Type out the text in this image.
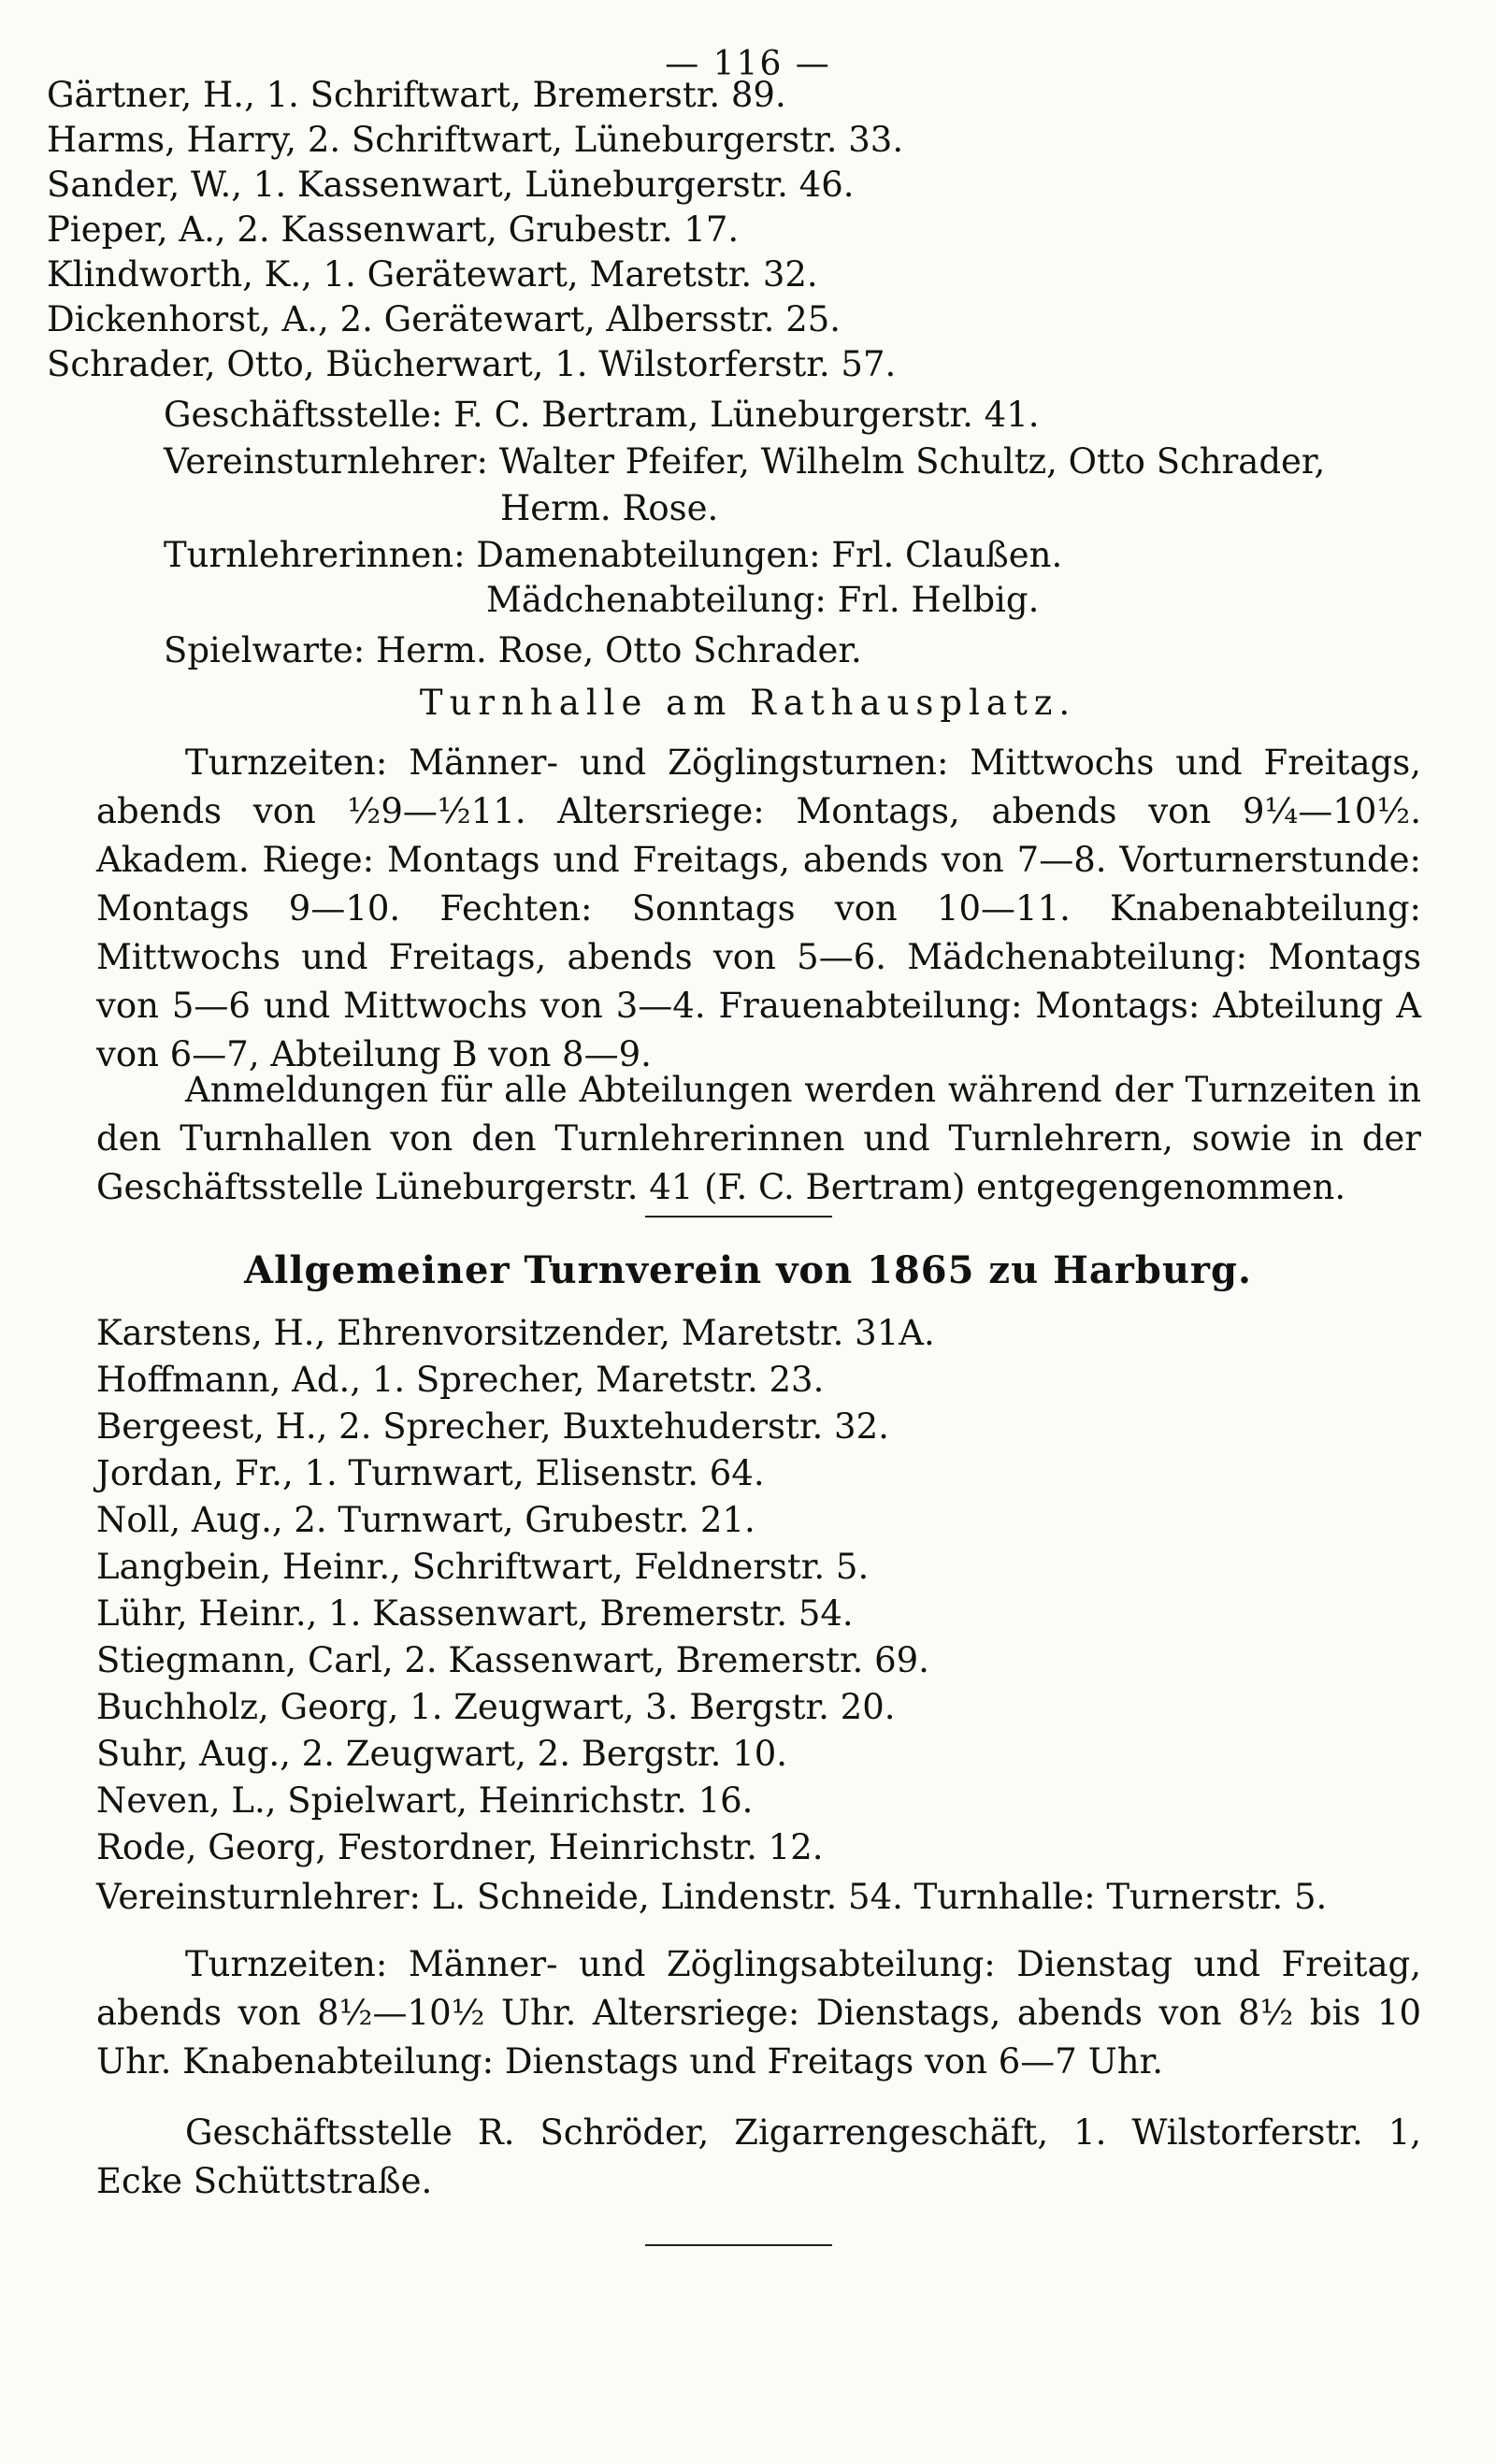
— 116 —
Gärtner, H., 1. Schriftwart, Bremerstr. 89.
Harms, Harry, 2. Schriftwart, Lüneburgerstr. 33.
Sander, W., 1. Kassenwart, Lüneburgerstr. 46.
Pieper, A., 2. Kassenwart, Grubestr. 17.
Klindworth, K., 1. Gerätewart, Maretstr. 32.
Dickenhorst, A., 2. Gerätewart, Albersstr. 25.
Schrader, Otto, Bücherwart, 1. Wilstorferstr. 57.
Geschäftsstelle: F. C. Bertram, Lüneburgerstr. 41.
Vereinsturnlehrer: Walter Pfeifer, Wilhelm Schultz, Otto Schrader,
Herm. Rose.
Turnlehrerinnen: Damenabteilungen: Frl. Claußen.
Mädchenabteilung: Frl. Helbig.
Spielwarte: Herm. Rose, Otto Schrader.
Turnhalle am Rathausplatz.
Turnzeiten: Männer- und Zöglingsturnen: Mittwochs und Freitags, abends von ½9—½11. Altersriege: Montags, abends von 9¼—10½. Akadem. Riege: Montags und Freitags, abends von 7—8. Vorturnerstunde: Montags 9—10. Fechten: Sonntags von 10—11. Knabenabteilung: Mittwochs und Freitags, abends von 5—6. Mädchenabteilung: Montags von 5—6 und Mittwochs von 3—4. Frauenabteilung: Montags: Abteilung A von 6—7, Abteilung B von 8—9.
Anmeldungen für alle Abteilungen werden während der Turnzeiten in den Turnhallen von den Turnlehrerinnen und Turnlehrern, sowie in der Geschäftsstelle Lüneburgerstr. 41 (F. C. Bertram) entgegengenommen.
Allgemeiner Turnverein von 1865 zu Harburg.
Karstens, H., Ehrenvorsitzender, Maretstr. 31A.
Hoffmann, Ad., 1. Sprecher, Maretstr. 23.
Bergeest, H., 2. Sprecher, Buxtehuderstr. 32.
Jordan, Fr., 1. Turnwart, Elisenstr. 64.
Noll, Aug., 2. Turnwart, Grubestr. 21.
Langbein, Heinr., Schriftwart, Feldnerstr. 5.
Lühr, Heinr., 1. Kassenwart, Bremerstr. 54.
Stiegmann, Carl, 2. Kassenwart, Bremerstr. 69.
Buchholz, Georg, 1. Zeugwart, 3. Bergstr. 20.
Suhr, Aug., 2. Zeugwart, 2. Bergstr. 10.
Neven, L., Spielwart, Heinrichstr. 16.
Rode, Georg, Festordner, Heinrichstr. 12.
Vereinsturnlehrer: L. Schneide, Lindenstr. 54. Turnhalle: Turnerstr. 5.
Turnzeiten: Männer- und Zöglingsabteilung: Dienstag und Freitag, abends von 8½—10½ Uhr. Altersriege: Dienstags, abends von 8½ bis 10 Uhr. Knabenabteilung: Dienstags und Freitags von 6—7 Uhr.
Geschäftsstelle R. Schröder, Zigarrengeschäft, 1. Wilstorferstr. 1, Ecke Schüttstraße.
